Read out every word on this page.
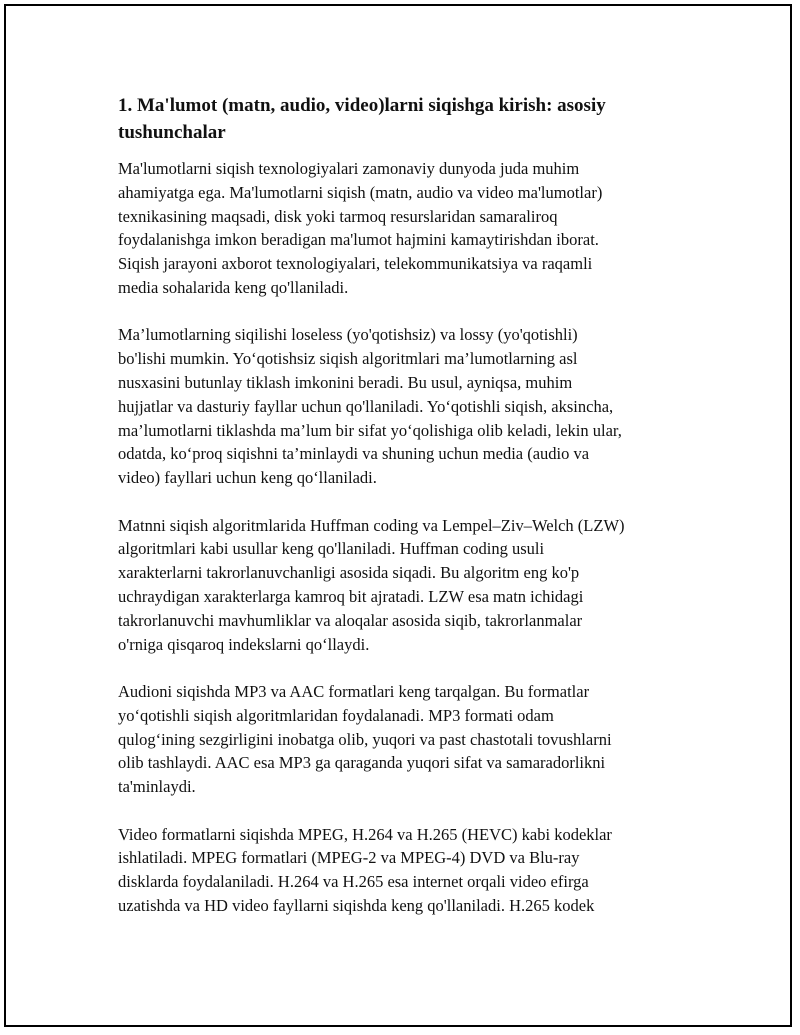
1. Ma'lumot (matn, audio, video)larni siqishga kirish: asosiy
tushunchalar

Ma'lumotlarni siqish texnologiyalari zamonaviy dunyoda juda muhim
ahamiyatga ega. Ma'lumotlarni siqish (matn, audio va video ma'lumotlar)
texnikasining maqsadi, disk yoki tarmoq resurslaridan samaraliroq
foydalanishga imkon beradigan ma'lumot hajmini kamaytirishdan iborat.
Siqish jarayoni axborot texnologiyalari, telekommunikatsiya va raqamli
media sohalarida keng qo'llaniladi.

Ma’lumotlarning siqilishi loseless (yo'qotishsiz) va lossy (yo'qotishli)
bo'lishi mumkin. Yo‘qotishsiz siqish algoritmlari ma’lumotlarning asl
nusxasini butunlay tiklash imkonini beradi. Bu usul, ayniqsa, muhim
hujjatlar va dasturiy fayllar uchun qo'llaniladi. Yo‘qotishli siqish, aksincha,
ma’lumotlarni tiklashda ma’lum bir sifat yo‘qolishiga olib keladi, lekin ular,
odatda, ko‘proq siqishni ta’minlaydi va shuning uchun media (audio va
video) fayllari uchun keng qo‘llaniladi.

Matnni siqish algoritmlarida Huffman coding va Lempel–Ziv–Welch (LZW)
algoritmlari kabi usullar keng qo'llaniladi. Huffman coding usuli
xarakterlarni takrorlanuvchanligi asosida siqadi. Bu algoritm eng ko'p
uchraydigan xarakterlarga kamroq bit ajratadi. LZW esa matn ichidagi
takrorlanuvchi mavhumliklar va aloqalar asosida siqib, takrorlanmalar
o'rniga qisqaroq indekslarni qo‘llaydi.

Audioni siqishda MP3 va AAC formatlari keng tarqalgan. Bu formatlar
yo‘qotishli siqish algoritmlaridan foydalanadi. MP3 formati odam
qulog‘ining sezgirligini inobatga olib, yuqori va past chastotali tovushlarni
olib tashlaydi. AAC esa MP3 ga qaraganda yuqori sifat va samaradorlikni
ta'minlaydi.

Video formatlarni siqishda MPEG, H.264 va H.265 (HEVC) kabi kodeklar
ishlatiladi. MPEG formatlari (MPEG-2 va MPEG-4) DVD va Blu-ray
disklarda foydalaniladi. H.264 va H.265 esa internet orqali video efirga
uzatishda va HD video fayllarni siqishda keng qo'llaniladi. H.265 kodek
